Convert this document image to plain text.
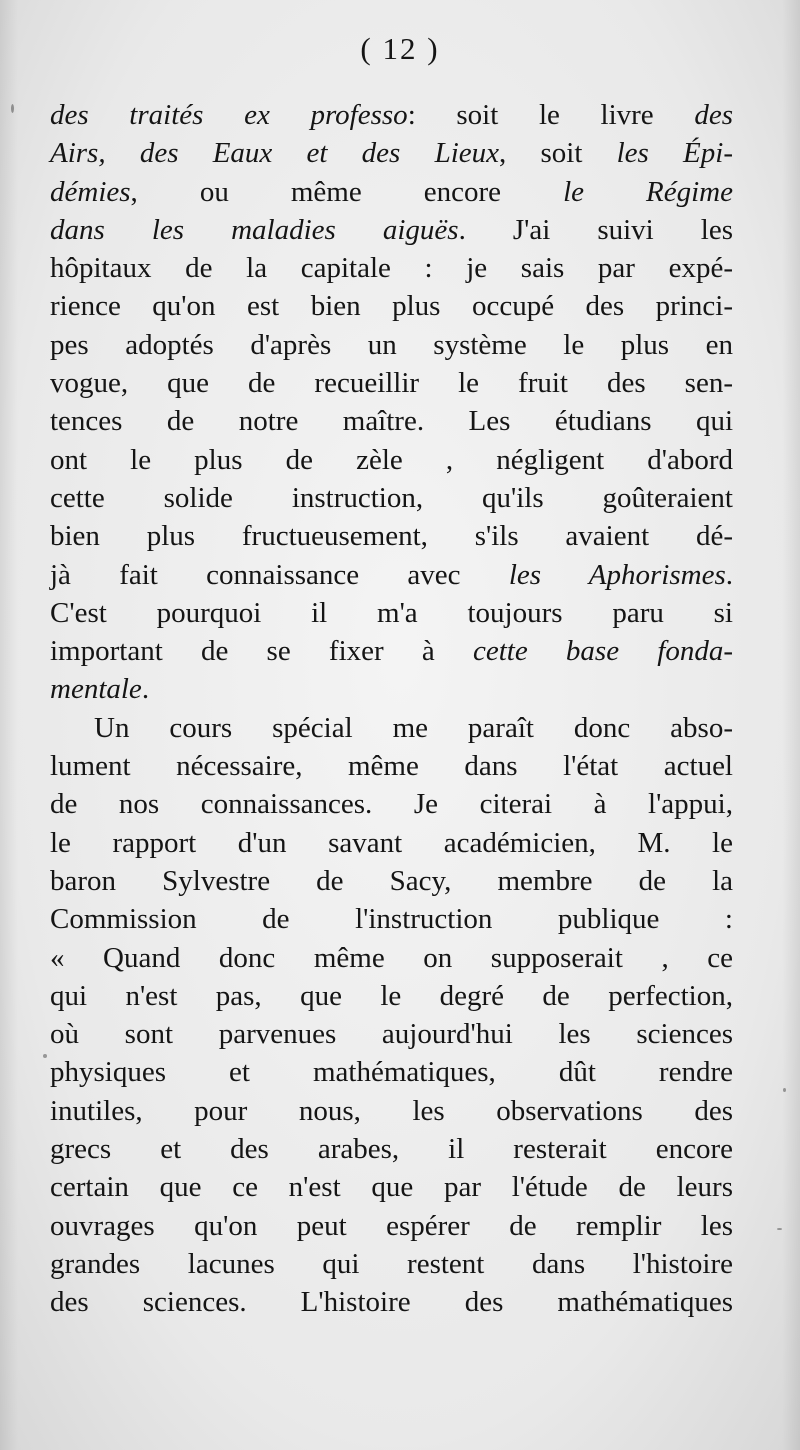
( 12 )
des traités ex professo: soit le livre des
Airs, des Eaux et des Lieux, soit les Épi-
démies, ou même encore le Régime
dans les maladies aiguës. J'ai suivi les
hôpitaux de la capitale : je sais par expé-
rience qu'on est bien plus occupé des princi-
pes adoptés d'après un système le plus en
vogue, que de recueillir le fruit des sen-
tences de notre maître. Les étudians qui
ont le plus de zèle , négligent d'abord
cette solide instruction, qu'ils goûteraient
bien plus fructueusement, s'ils avaient dé-
jà fait connaissance avec les Aphorismes.
C'est pourquoi il m'a toujours paru si
important de se fixer à cette base fonda-
mentale.
Un cours spécial me paraît donc abso-
lument nécessaire, même dans l'état actuel
de nos connaissances. Je citerai à l'appui,
le rapport d'un savant académicien, M. le
baron Sylvestre de Sacy, membre de la
Commission de l'instruction publique :
« Quand donc même on supposerait , ce
qui n'est pas, que le degré de perfection,
où sont parvenues aujourd'hui les sciences
physiques et mathématiques, dût rendre
inutiles, pour nous, les observations des
grecs et des arabes, il resterait encore
certain que ce n'est que par l'étude de leurs
ouvrages qu'on peut espérer de remplir les
grandes lacunes qui restent dans l'histoire
des sciences. L'histoire des mathématiques
